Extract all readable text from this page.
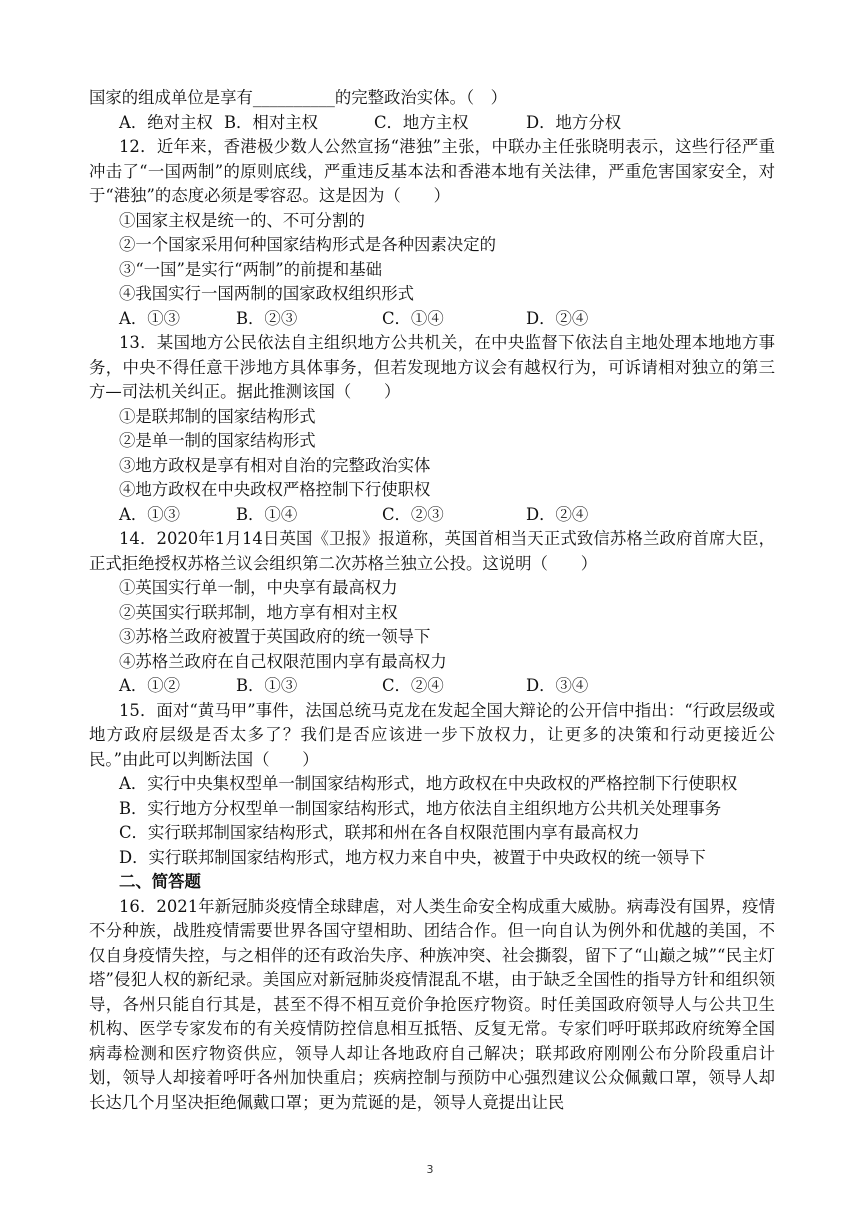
国家的组成单位是享有__________的完整政治实体。（　）

A．绝对主权 B．相对主权	C．地方主权	D．地方分权

12．近年来，香港极少数人公然宣扬“港独”主张，中联办主任张晓明表示，这些行径严重冲击了“一国两制”的原则底线，严重违反基本法和香港本地有关法律，严重危害国家安全，对于“港独”的态度必须是零容忍。这是因为（　　）

①国家主权是统一的、不可分割的
②一个国家采用何种国家结构形式是各种因素决定的
③“一国”是实行“两制”的前提和基础
④我国实行一国两制的国家政权组织形式
A．①③	B．②③	C．①④	D．②④

13．某国地方公民依法自主组织地方公共机关，在中央监督下依法自主地处理本地地方事务，中央不得任意干涉地方具体事务，但若发现地方议会有越权行为，可诉请相对独立的第三方—司法机关纠正。据此推测该国（　　）

①是联邦制的国家结构形式
②是单一制的国家结构形式
③地方政权是享有相对自治的完整政治实体
④地方政权在中央政权严格控制下行使职权
A．①③	B．①④	C．②③	D．②④

14．2020年1月14日英国《卫报》报道称，英国首相当天正式致信苏格兰政府首席大臣，正式拒绝授权苏格兰议会组织第二次苏格兰独立公投。这说明（　　）

①英国实行单一制，中央享有最高权力
②英国实行联邦制，地方享有相对主权
③苏格兰政府被置于英国政府的统一领导下
④苏格兰政府在自己权限范围内享有最高权力
A．①②	B．①③	C．②④	D．③④

15．面对“黄马甲”事件，法国总统马克龙在发起全国大辩论的公开信中指出：“行政层级或地方政府层级是否太多了？我们是否应该进一步下放权力，让更多的决策和行动更接近公民。”由此可以判断法国（　　）

A．实行中央集权型单一制国家结构形式，地方政权在中央政权的严格控制下行使职权
B．实行地方分权型单一制国家结构形式，地方依法自主组织地方公共机关处理事务
C．实行联邦制国家结构形式，联邦和州在各自权限范围内享有最高权力
D．实行联邦制国家结构形式，地方权力来自中央，被置于中央政权的统一领导下
二、简答题

16．2021年新冠肺炎疫情全球肆虐，对人类生命安全构成重大威胁。病毒没有国界，疫情不分种族，战胜疫情需要世界各国守望相助、团结合作。但一向自认为例外和优越的美国，不仅自身疫情失控，与之相伴的还有政治失序、种族冲突、社会撕裂，留下了“山巅之城”“民主灯塔”侵犯人权的新纪录。美国应对新冠肺炎疫情混乱不堪，由于缺乏全国性的指导方针和组织领导，各州只能自行其是，甚至不得不相互竞价争抢医疗物资。时任美国政府领导人与公共卫生机构、医学专家发布的有关疫情防控信息相互抵牾、反复无常。专家们呼吁联邦政府统筹全国病毒检测和医疗物资供应，领导人却让各地政府自己解决；联邦政府刚刚公布分阶段重启计划，领导人却接着呼吁各州加快重启；疾病控制与预防中心强烈建议公众佩戴口罩，领导人却长达几个月坚决拒绝佩戴口罩；更为荒诞的是，领导人竟提出让民

3
